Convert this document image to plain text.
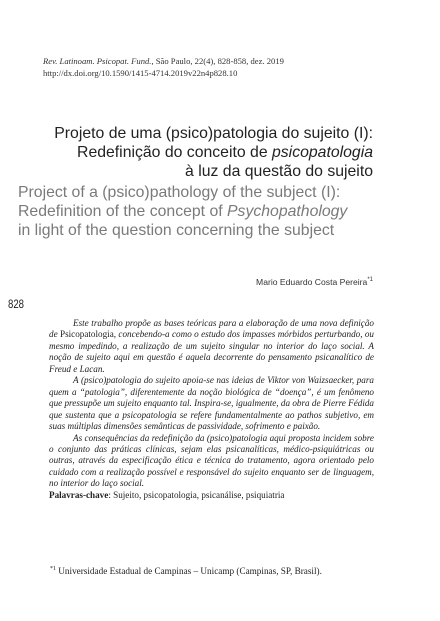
Rev. Latinoam. Psicopat. Fund., São Paulo, 22(4), 828-858, dez. 2019
http://dx.doi.org/10.1590/1415-4714.2019v22n4p828.10
Projeto de uma (psico)patologia do sujeito (I):
Redefinição do conceito de psicopatologia
à luz da questão do sujeito
Project of a (psico)pathology of the subject (I):
Redefinition of the concept of Psychopathology
in light of the question concerning the subject
Mario Eduardo Costa Pereira$^{*1}$
828

Este trabalho propõe as bases teóricas para a elaboração de uma nova definição de Psicopatologia, concebendo-a como o estudo dos impasses mórbidos perturbando, ou mesmo impedindo, a realização de um sujeito singular no interior do laço social. A noção de sujeito aqui em questão é aquela decorrente do pensamento psicanalítico de Freud e Lacan.

A (psico)patologia do sujeito apoia-se nas ideias de Viktor von Waizsaecker, para quem a “patologia”, diferentemente da noção biológica de “doença”, é um fenômeno que pressupõe um sujeito enquanto tal. Inspira-se, igualmente, da obra de Pierre Fédida que sustenta que a psicopatologia se refere fundamentalmente ao pathos subjetivo, em suas múltiplas dimensões semânticas de passividade, sofrimento e paixão.

As consequências da redefinição da (psico)patologia aqui proposta incidem sobre o conjunto das práticas clínicas, sejam elas psicanalíticas, médico-psiquiátricas ou outras, através da especificação ética e técnica do tratamento, agora orientado pelo cuidado com a realização possível e responsável do sujeito enquanto ser de linguagem, no interior do laço social.

Palavras-chave: Sujeito, psicopatologia, psicanálise, psiquiatria
$^{*1}$ Universidade Estadual de Campinas – Unicamp (Campinas, SP, Brasil).
